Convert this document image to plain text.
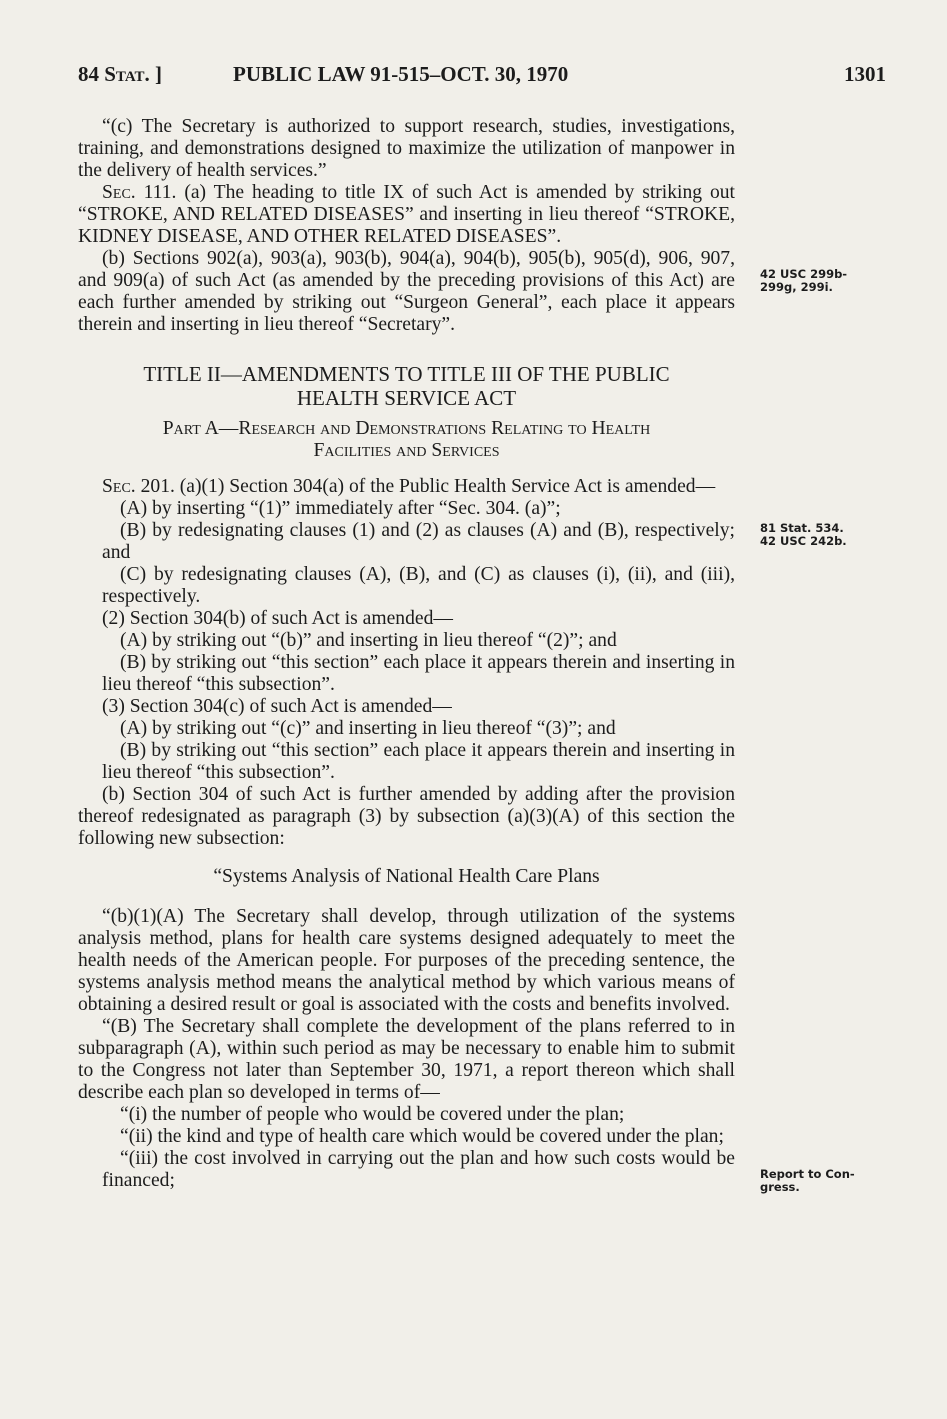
84 Stat. ]	PUBLIC LAW 91-515–OCT. 30, 1970	1301

“(c) The Secretary is authorized to support research, studies, investigations, training, and demonstrations designed to maximize the utilization of manpower in the delivery of health services.”

Sec. 111. (a) The heading to title IX of such Act is amended by striking out “STROKE, AND RELATED DISEASES” and inserting in lieu thereof “STROKE, KIDNEY DISEASE, AND OTHER RELATED DISEASES”.

(b) Sections 902(a), 903(a), 903(b), 904(a), 904(b), 905(b), 905(d), 906, 907, and 909(a) of such Act (as amended by the preceding provisions of this Act) are each further amended by striking out “Surgeon General”, each place it appears therein and inserting in lieu thereof “Secretary”.

TITLE II—AMENDMENTS TO TITLE III OF THE PUBLIC
HEALTH SERVICE ACT
Part A—Research and Demonstrations Relating to Health
Facilities and Services

Sec. 201. (a)(1) Section 304(a) of the Public Health Service Act is amended—

(A) by inserting “(1)” immediately after “Sec. 304. (a)”;

(B) by redesignating clauses (1) and (2) as clauses (A) and (B), respectively; and

(C) by redesignating clauses (A), (B), and (C) as clauses (i), (ii), and (iii), respectively.

(2) Section 304(b) of such Act is amended—

(A) by striking out “(b)” and inserting in lieu thereof “(2)”; and

(B) by striking out “this section” each place it appears therein and inserting in lieu thereof “this subsection”.

(3) Section 304(c) of such Act is amended—

(A) by striking out “(c)” and inserting in lieu thereof “(3)”; and

(B) by striking out “this section” each place it appears therein and inserting in lieu thereof “this subsection”.

(b) Section 304 of such Act is further amended by adding after the provision thereof redesignated as paragraph (3) by subsection (a)(3)(A) of this section the following new subsection:

“Systems Analysis of National Health Care Plans

“(b)(1)(A) The Secretary shall develop, through utilization of the systems analysis method, plans for health care systems designed adequately to meet the health needs of the American people. For purposes of the preceding sentence, the systems analysis method means the analytical method by which various means of obtaining a desired result or goal is associated with the costs and benefits involved.

“(B) The Secretary shall complete the development of the plans referred to in subparagraph (A), within such period as may be necessary to enable him to submit to the Congress not later than September 30, 1971, a report thereon which shall describe each plan so developed in terms of—

“(i) the number of people who would be covered under the plan;

“(ii) the kind and type of health care which would be covered under the plan;

“(iii) the cost involved in carrying out the plan and how such costs would be financed;

42 USC 299b-
299g, 299i.
81 Stat. 534.
42 USC 242b.
Report to Con-
gress.
